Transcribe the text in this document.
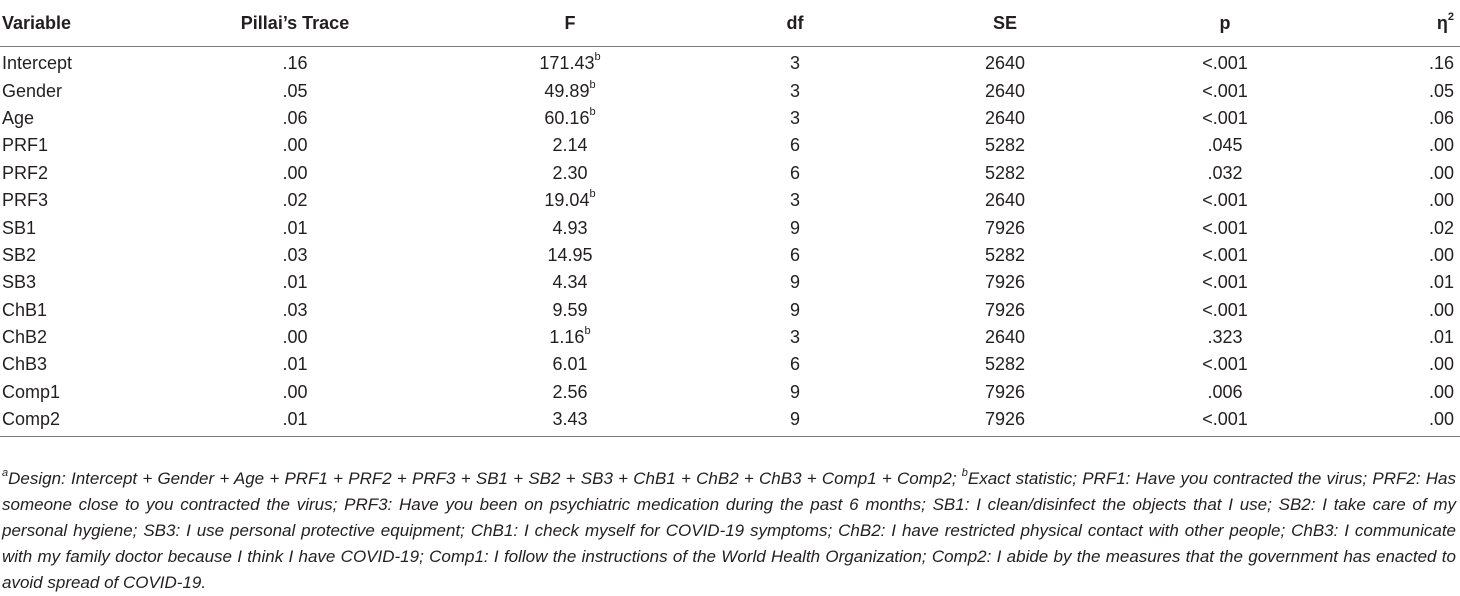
Variable	Pillai’s Trace	F	df	SE	p	$\eta^2$
Intercept	.16	171.43$^b$	3	2640	<.001	.16
Gender	.05	49.89$^b$	3	2640	<.001	.05
Age	.06	60.16$^b$	3	2640	<.001	.06
PRF1	.00	2.14	6	5282	.045	.00
PRF2	.00	2.30	6	5282	.032	.00
PRF3	.02	19.04$^b$	3	2640	<.001	.00
SB1	.01	4.93	9	7926	<.001	.02
SB2	.03	14.95	6	5282	<.001	.00
SB3	.01	4.34	9	7926	<.001	.01
ChB1	.03	9.59	9	7926	<.001	.00
ChB2	.00	1.16$^b$	3	2640	.323	.01
ChB3	.01	6.01	6	5282	<.001	.00
Comp1	.00	2.56	9	7926	.006	.00
Comp2	.01	3.43	9	7926	<.001	.00
$^a$Design: Intercept + Gender + Age + PRF1 + PRF2 + PRF3 + SB1 + SB2 + SB3 + ChB1 + ChB2 + ChB3 + Comp1 + Comp2; $^b$Exact statistic; PRF1: Have you contracted the virus; PRF2: Has someone close to you contracted the virus; PRF3: Have you been on psychiatric medication during the past 6 months; SB1: I clean/disinfect the objects that I use; SB2: I take care of my personal hygiene; SB3: I use personal protective equipment; ChB1: I check myself for COVID-19 symptoms; ChB2: I have restricted physical contact with other people; ChB3: I communicate with my family doctor because I think I have COVID-19; Comp1: I follow the instructions of the World Health Organization; Comp2: I abide by the measures that the government has enacted to avoid spread of COVID-19.
